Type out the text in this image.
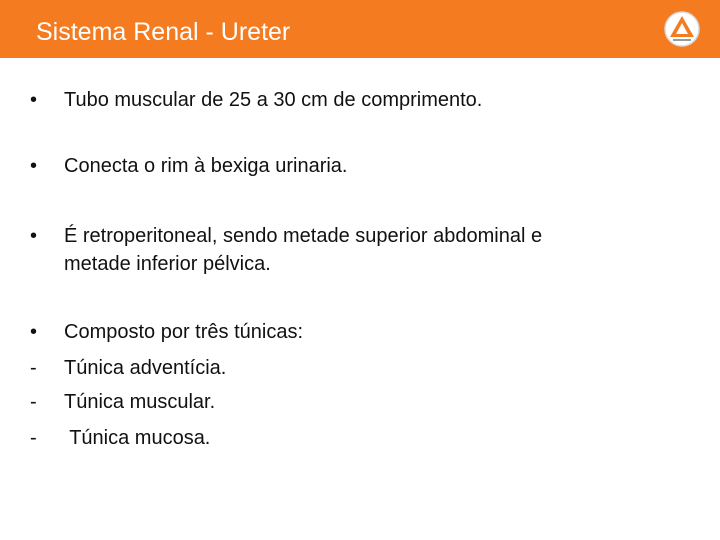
Sistema Renal - Ureter
• Tubo muscular de 25 a 30 cm de comprimento.
• Conecta o rim à bexiga urinaria.
• É retroperitoneal, sendo metade superior abdominal e
metade inferior pélvica.
• Composto por três túnicas:
- Túnica adventícia.
- Túnica muscular.
- Túnica mucosa.
